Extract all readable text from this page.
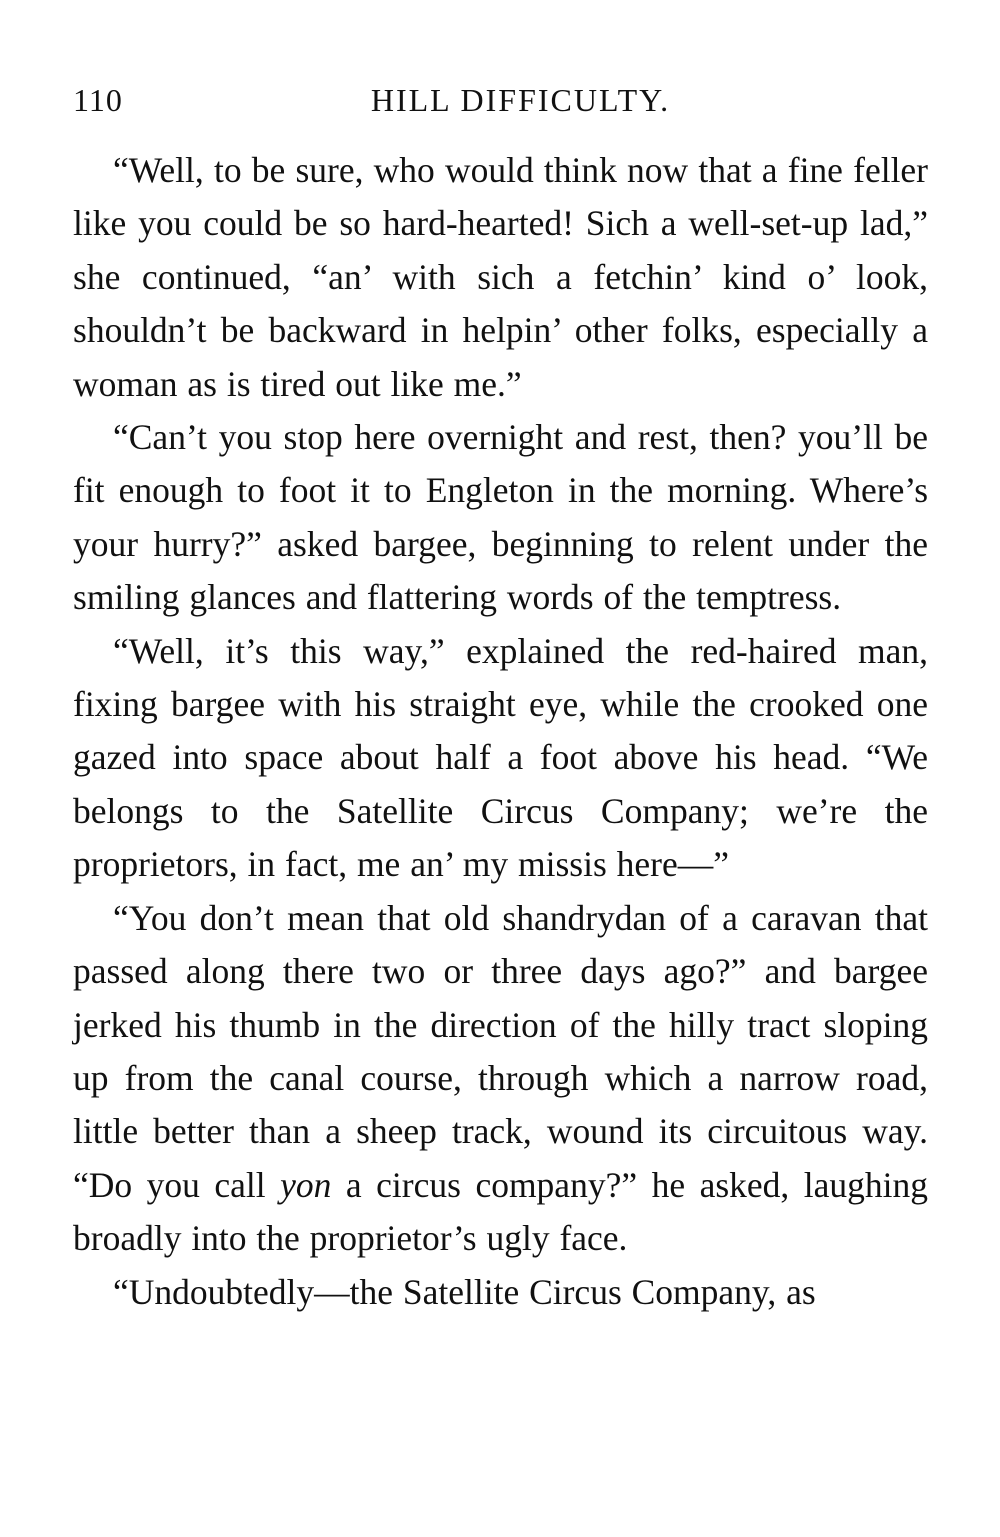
110	HILL DIFFICULTY.

“Well, to be sure, who would think now that a fine feller like you could be so hard-hearted! Sich a well-set-up lad,” she continued, “an’ with sich a fetchin’ kind o’ look, shouldn’t be backward in helpin’ other folks, especially a woman as is tired out like me.”

“Can’t you stop here overnight and rest, then? you’ll be fit enough to foot it to Engleton in the morning. Where’s your hurry?” asked bargee, beginning to relent under the smiling glances and flattering words of the temptress.

“Well, it’s this way,” explained the red-haired man, fixing bargee with his straight eye, while the crooked one gazed into space about half a foot above his head. “We belongs to the Satellite Circus Company; we’re the proprietors, in fact, me an’ my missis here—”

“You don’t mean that old shandrydan of a caravan that passed along there two or three days ago?” and bargee jerked his thumb in the direction of the hilly tract sloping up from the canal course, through which a narrow road, little better than a sheep track, wound its circuitous way. “Do you call yon a circus company?” he asked, laughing broadly into the proprietor’s ugly face.

“Undoubtedly—the Satellite Circus Company, as
